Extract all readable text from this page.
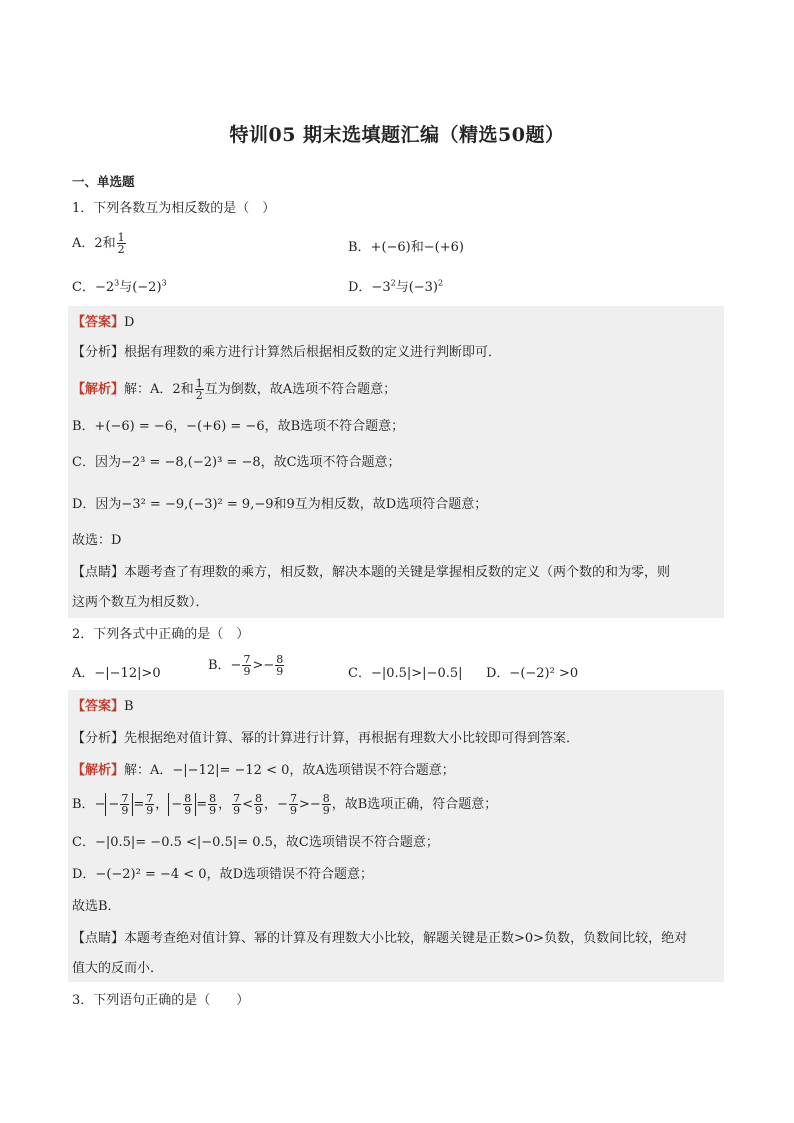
特训05 期末选填题汇编（精选50题）
一、单选题
1．下列各数互为相反数的是（　）
A．2和 $\frac{1}{2}$	B．+(−6)和−(+6)
C．$-2^3$与$(-2)^3$	D．$-3^2$与$(-3)^2$
【答案】D
【分析】根据有理数的乘方进行计算然后根据相反数的定义进行判断即可．
【解析】解：A．2和 $\frac{1}{2}$ 互为倒数，故A选项不符合题意；
B．+(−6) = −6，−(+6) = −6，故B选项不符合题意；
C．因为−2³ = −8,(−2)³ = −8，故C选项不符合题意；
D．因为−3² = −9,(−3)² = 9,−9和9互为相反数，故D选项符合题意；
故选：D
【点睛】本题考查了有理数的乘方，相反数，解决本题的关键是掌握相反数的定义（两个数的和为零，则
这两个数互为相反数）．
2．下列各式中正确的是（　）
A．−|−12|>0
B．− $\frac{7}{9} >- \frac{8}{9}$	C．−|0.5|>|−0.5| D．−(−2)² >0
【答案】B
【分析】先根据绝对值计算、幂的计算进行计算，再根据有理数大小比较即可得到答案．
【解析】解：A．−|−12|= −12 < 0，故A选项错误不符合题意；
B．− − $\frac{7}{9} = \frac{7}{9}$ ， − $\frac{8}{9} = \frac{8}{9}$ ， $\frac{7}{9} < \frac{8}{9}$ ，− $\frac{7}{9} >- \frac{8}{9}$ ，故B选项正确，符合题意；
C．−|0.5|= −0.5 <|−0.5|= 0.5，故C选项错误不符合题意；
D．−(−2)² = −4 < 0，故D选项错误不符合题意；
故选B．
【点睛】本题考查绝对值计算、幂的计算及有理数大小比较，解题关键是正数>0>负数，负数间比较，绝对
值大的反而小．
3．下列语句正确的是（　　）
